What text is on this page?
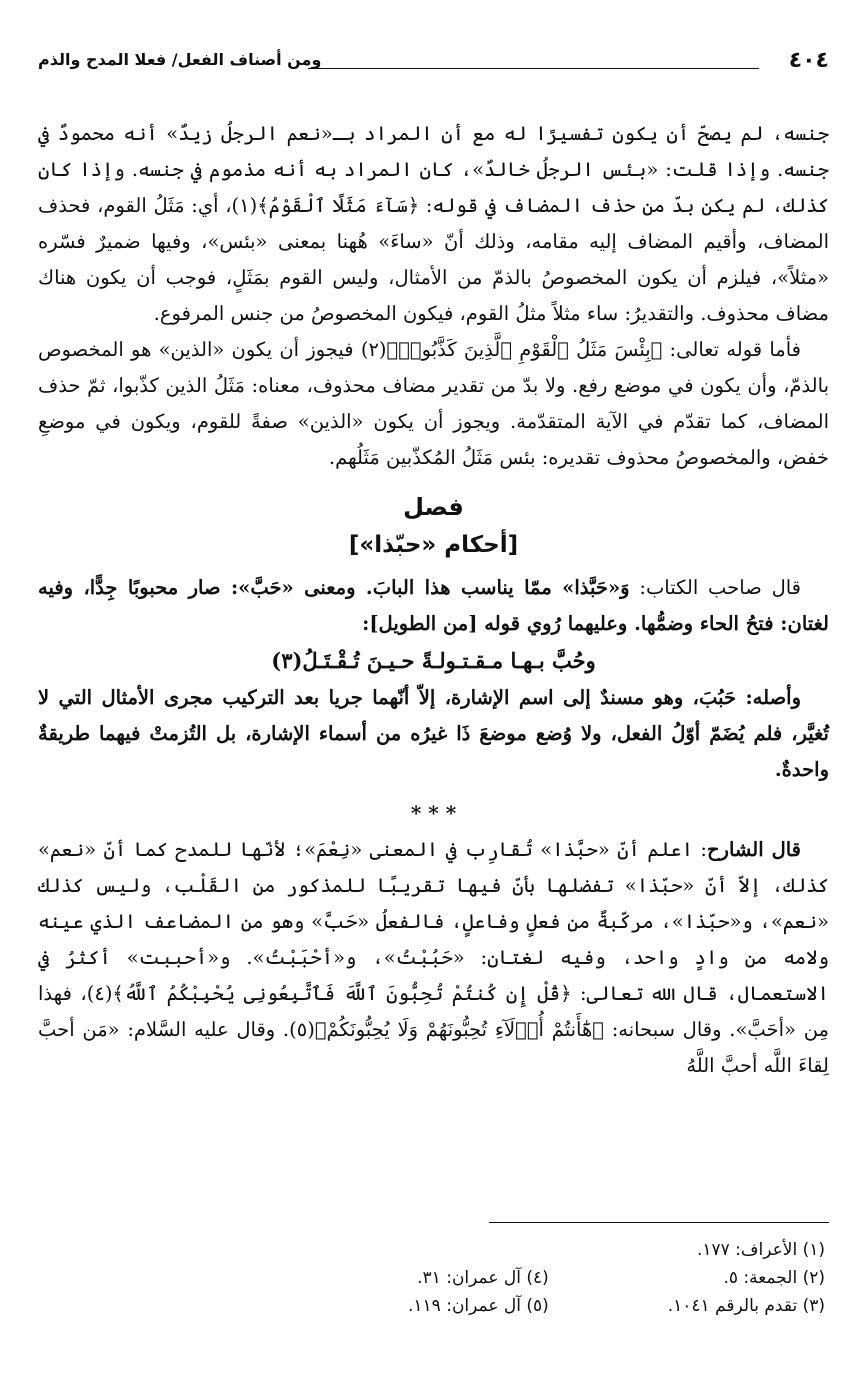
٤٠٤
ومن أصناف الفعل/ فعلا المدح والذم

جنسه، لم يصحّ أن يكون تفسيرًا له مع أن المراد بـ«نعم الرجلُ زيدٌ» أنه محمودٌ في جنسه. وإذا قلت: «بئس الرجلُ خالدٌ»، كان المراد به أنه مذموم في جنسه. وإذا كان كذلك، لم يكن بدّ من حذف المضاف في قوله: ﴿سَآءَ مَثَلًا ٱلْقَوْمُ﴾(١)، أي: مَثَلُ القوم، فحذف المضاف، وأقيم المضاف إليه مقامه، وذلك أنّ «ساءَ» هُهنا بمعنى «بئس»، وفيها ضميرٌ فسّره «مثلاً»، فيلزم أن يكون المخصوصُ بالذمّ من الأمثال، وليس القوم بمَثَلٍ، فوجب أن يكون هناك مضاف محذوف. والتقديرُ: ساء مثلاً مثلُ القوم، فيكون المخصوصُ من جنس المرفوع.

فأما قوله تعالى: ﴿بِئْسَ مَثَلُ ٱلْقَوْمِ ٱلَّذِينَ كَذَّبُوا۟﴾(٢) فيجوز أن يكون «الذين» هو المخصوص بالذمّ، وأن يكون في موضع رفع. ولا بدّ من تقدير مضاف محذوف، معناه: مَثَلُ الذين كذّبوا، ثمّ حذف المضاف، كما تقدّم في الآية المتقدّمة. ويجوز أن يكون «الذين» صفةً للقوم، ويكون في موضعِ خفض، والمخصوصُ محذوف تقديره: بئس مَثَلُ المُكذّبين مَثَلُهم.

فصل
[أحكام «حبّذا»]

قال صاحب الكتاب: وَ«حَبَّذا» ممّا يناسب هذا البابَ. ومعنى «حَبَّ»: صار محبوبًا جِدًّا، وفيه لغتان: فتحُ الحاء وضمُّها. وعليهما رُوي قوله [من الطويل]:

وحُبَّ بـهـا مـقـتـولـةً حـيـنَ تُـقْـتَـلُ(٣)

وأصله: حَبُبَ، وهو مسندٌ إلى اسم الإشارة، إلاّ أنّهما جريا بعد التركيب مجرى الأمثال التي لا تُغيَّر، فلم يُضَمّ أوّلُ الفعل، ولا وُضع موضعَ ذَا غيرُه من أسماء الإشارة، بل التُزمتْ فيهما طريقةٌ واحدةٌ.

* * *

قال الشارح: اعلم أنّ «حبَّذا» تُقارِب في المعنى «نِعْمَ»؛ لأنّها للمدح كما أنّ «نعم» كذلك، إلاّ أنّ «حبّذا» تفضلها بأنّ فيها تقريبًا للمذكور من القَلْب، وليس كذلك «نعم»، و«حبّذا»، مركّبةٌ من فعلٍ وفاعلٍ، فالفعلُ «حَبَّ» وهو من المضاعف الذي عينه ولامه من وادٍ واحد، وفيه لغتان: «حَبُبْتُ»، و«أحْبَبْتُ». و«أحببت» أكثرُ في الاستعمال، قال الله تعالى: ﴿قُلْ إِن كُنتُمْ تُحِبُّونَ ٱللَّهَ فَٱتَّبِعُونِى يُحْبِبْكُمُ ٱللَّهُ﴾(٤)، فهذا مِن «أحَبَّ». وقال سبحانه: ﴿هَٰٓأَنتُمْ أُو۟لَآءِ تُحِبُّونَهُمْ وَلَا يُحِبُّونَكُمْ﴾(٥). وقال عليه السَّلام: «مَن أحبَّ لِقاءَ اللَّه أحبَّ اللَّهُ

(١) الأعراف: ١٧٧.
(٢) الجمعة: ٥.
(٣) تقدم بالرقم ١٠٤١.
(٤) آل عمران: ٣١.
(٥) آل عمران: ١١٩.
